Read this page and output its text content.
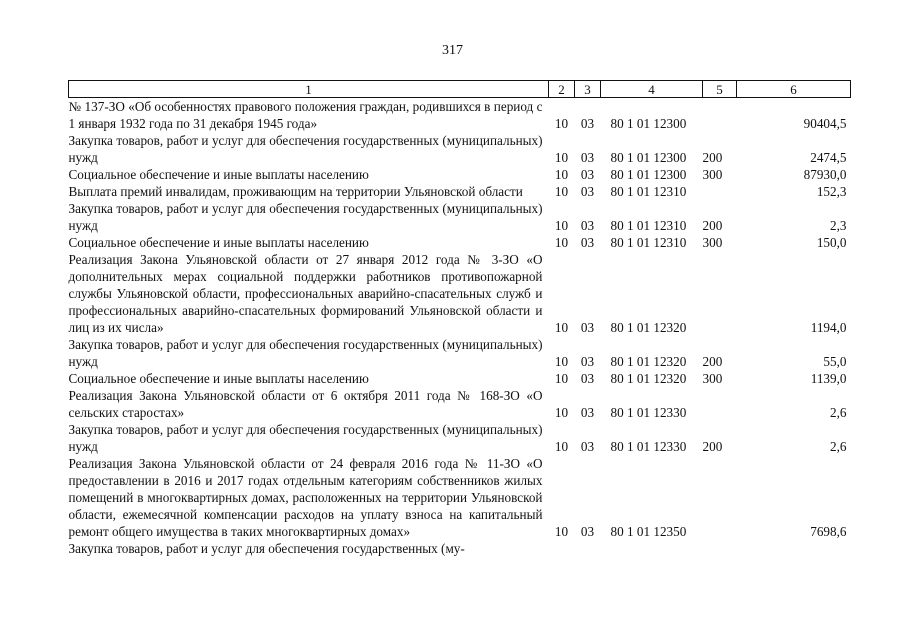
317
1	2	3	4	5	6
№ 137-ЗО «Об особенностях правового положения граждан, родившихся в период с 1 января 1932 года по 31 декабря 1945 года»	10	03	80 1 01 12300		90404,5
Закупка товаров, работ и услуг для обеспечения государственных (муниципальных) нужд	10	03	80 1 01 12300	200	2474,5
Социальное обеспечение и иные выплаты населению	10	03	80 1 01 12300	300	87930,0
Выплата премий инвалидам, проживающим на территории Ульяновской области	10	03	80 1 01 12310		152,3
Закупка товаров, работ и услуг для обеспечения государственных (муниципальных) нужд	10	03	80 1 01 12310	200	2,3
Социальное обеспечение и иные выплаты населению	10	03	80 1 01 12310	300	150,0
Реализация Закона Ульяновской области от 27 января 2012 года № 3-ЗО «О дополнительных мерах социальной поддержки работников противопожарной службы Ульяновской области, профессиональных аварийно-спасательных служб и профессиональных аварийно-спасательных формирований Ульяновской области и лиц из их числа»	10	03	80 1 01 12320		1194,0
Закупка товаров, работ и услуг для обеспечения государственных (муниципальных) нужд	10	03	80 1 01 12320	200	55,0
Социальное обеспечение и иные выплаты населению	10	03	80 1 01 12320	300	1139,0
Реализация Закона Ульяновской области от 6 октября 2011 года № 168-ЗО «О сельских старостах»	10	03	80 1 01 12330		2,6
Закупка товаров, работ и услуг для обеспечения государственных (муниципальных) нужд	10	03	80 1 01 12330	200	2,6
Реализация Закона Ульяновской области от 24 февраля 2016 года № 11-ЗО «О предоставлении в 2016 и 2017 годах отдельным категориям собственников жилых помещений в многоквартирных домах, расположенных на территории Ульяновской области, ежемесячной компенсации расходов на уплату взноса на капитальный ремонт общего имущества в таких многоквартирных домах»	10	03	80 1 01 12350		7698,6
Закупка товаров, работ и услуг для обеспечения государственных (му-					
